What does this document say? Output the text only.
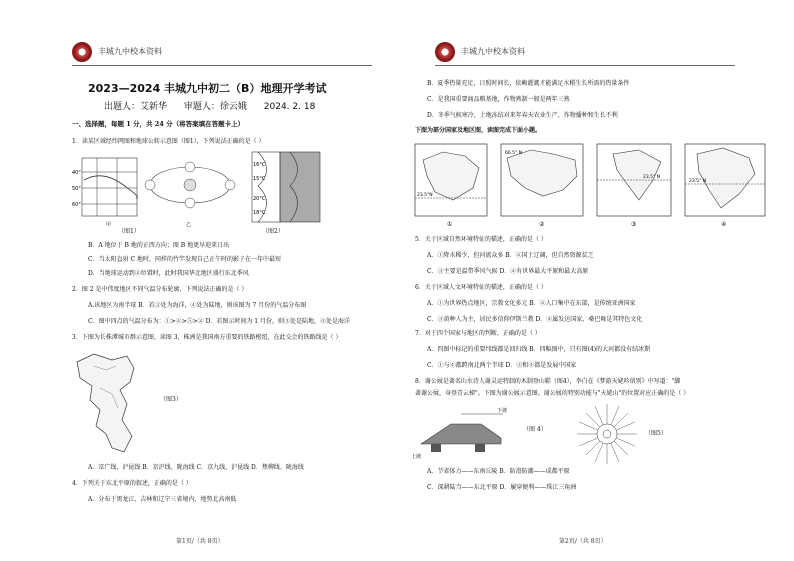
丰城九中校本资料
2023—2024 丰城九中初二（B）地理开学考试
出题人：艾新华 审题人：徐云娥 2024. 2. 18
一、选择题，每题 1 分，共 24 分（将答案填在答题卡上）
1．读某区域经纬网图和地球公转示意图（图1），下列说法正确的是（ ）
40°
50°
60°
甲	乙
16°C
15°C
20°C
18°C
（图1）	（图2）
B．A 地位于 B 地的正西方向；图 B 地更早迎来日出
C．当太阳直射 C 地时，同样的竹竿发现自己正午时的影子在一年中最短
D．当地球运动到②位置时，此时我国华北地区盛行东北季风
2．图 2 是中伟度地区不同气温分布轮廓，下列说法正确的是（ ）
A.该地区为南半球 B．若③处为海洋，④处为陆地，则该图为 7 月份的气温分布图
C．图中四点的气温分布为：①>④>⑤>② D．若图示时间为 1 月份，则③处是陆地，④处是海洋
3．下图为长株潭城市群示意图，读图 3，株洲是我国南方重要的铁路枢纽，在此交会的铁路线是（ ）
（图3）
A．京广线、沪昆线 B．京沪线、陇海线 C．京九线、沪昆线 D．焦柳线、陇海线
4．下列关于东北平原的叙述，正确的是（ ）
A．分布于黑龙江、吉林和辽宁三省境内，地势北高南低
第1页/（共 8页）
丰城九中校本资料
B．夏季热量充足，日照时间长，依赖灌溉才能满足水稻生长所需的热量条件
C．是我国重要商品粮基地，作物熟制一般是两年三熟
D．冬季气候寒冷，土地冻结对来年春天农业生产，作物播种和生长不利
下图为部分国家及地区图，读图完成下面小题。
23.5°N
①
66.5° N
②
23.5° N
③
23.5° N
④
5．关于区域自然环境特征的描述，正确的是（ ）
A．①降水稀少，但河流众多 B．②国土辽阔，但自然资源贫乏
C．③主要是温带季风气候 D．④有世界最大平原和最大高原
6．关于区域人文环境特征的描述，正确的是（ ）
A．①为世界热点地区，宗教文化多元 B．②人口集中在东部，是传统亚洲国家
C．③黄种人为主，居民多信仰伊斯兰教 D．④属发达国家，桑巴舞是其特色文化
7．对于四个国家与地区的判断，正确的是（ ）
A．四图中标记的重要纬线都是回归线 B．四幅图中，只有图(4)的大河都没有结冰期
C．①与④都跨南北两个半球 D．③和④都是发展中国家
8．谢公屐是著名山水诗人谢灵运特制的木制登山鞋（图4），李白在《梦游天姥吟留别》中写道："脚
著谢公屐，身登青云梯"。下图为谢公屐示意图。谢公屐的特别功能与"天姥山"的位置对应正确的是（ ）
下坡
上坡
（图 4）
（图5）
A．节省体力——东南丘陵 B．防滑防潮——成都平原
C．深耕陆当——东北平原 D．履穿便利——珠江三角洲
第2页/（共 8页）
